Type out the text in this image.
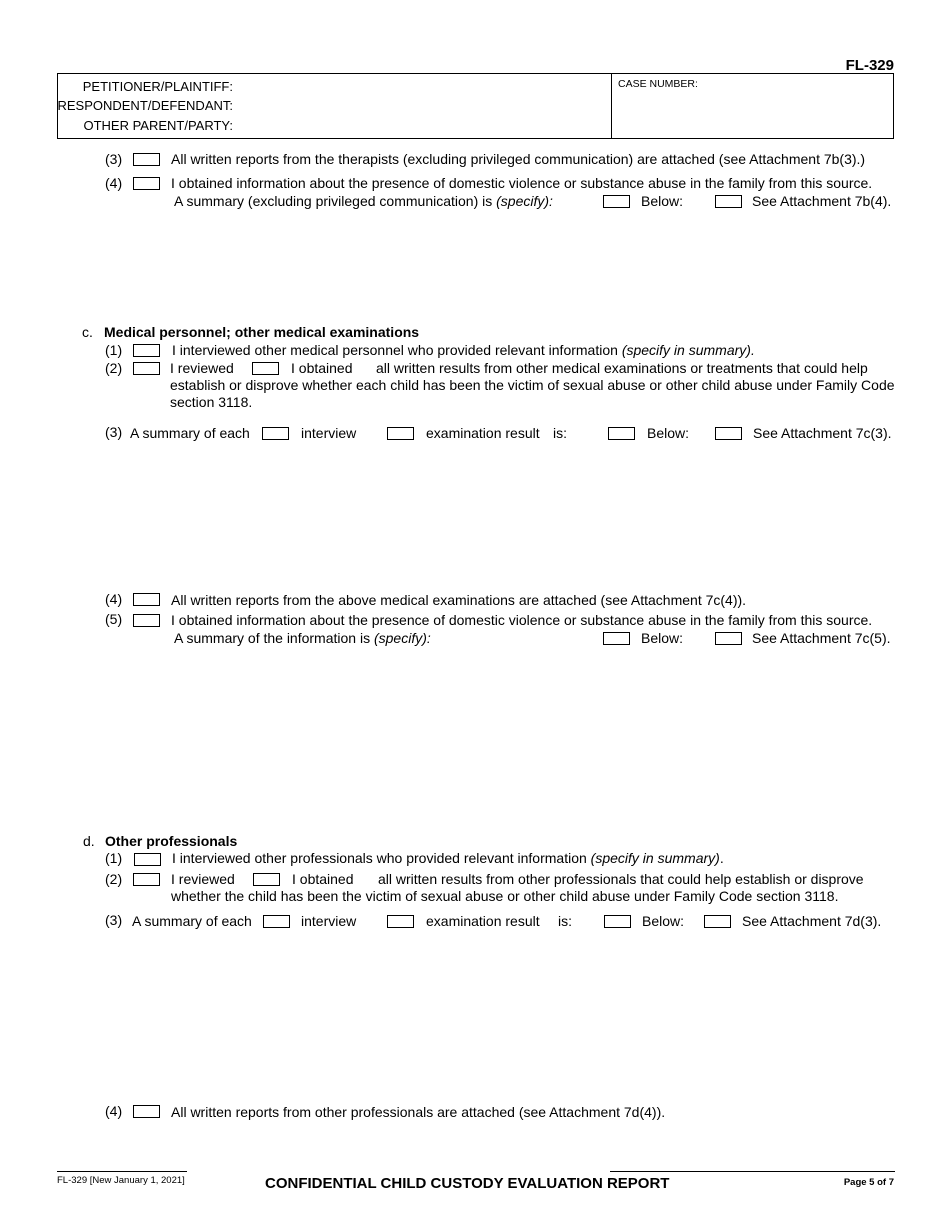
FL-329
PETITIONER/PLAINTIFF:
RESPONDENT/DEFENDANT:
OTHER PARENT/PARTY:
CASE NUMBER:
(3)	All written reports from the therapists (excluding privileged communication) are attached (see Attachment 7b(3).)
(4)	I obtained information about the presence of domestic violence or substance abuse in the family from this source.
A summary (excluding privileged communication) is (specify):	Below:	See Attachment 7b(4).
c. Medical personnel; other medical examinations
(1)	I interviewed other medical personnel who provided relevant information (specify in summary).
(2)	I reviewed	I obtained	all written results from other medical examinations or treatments that could help establish or disprove whether each child has been the victim of sexual abuse or other child abuse under Family Code section 3118.
(3) A summary of each	interview	examination result is:	Below:	See Attachment 7c(3).
(4)	All written reports from the above medical examinations are attached (see Attachment 7c(4)).
(5)	I obtained information about the presence of domestic violence or substance abuse in the family from this source.
A summary of the information is (specify):	Below:	See Attachment 7c(5).
d. Other professionals
(1)	I interviewed other professionals who provided relevant information (specify in summary).
(2)	I reviewed	I obtained all written results from other professionals that could help establish or disprove
whether the child has been the victim of sexual abuse or other child abuse under Family Code section 3118.
(3) A summary of each	interview	examination result is:	Below:	See Attachment 7d(3).
(4)	All written reports from other professionals are attached (see Attachment 7d(4)).
FL-329 [New January 1, 2021]	CONFIDENTIAL CHILD CUSTODY EVALUATION REPORT	Page 5 of 7
